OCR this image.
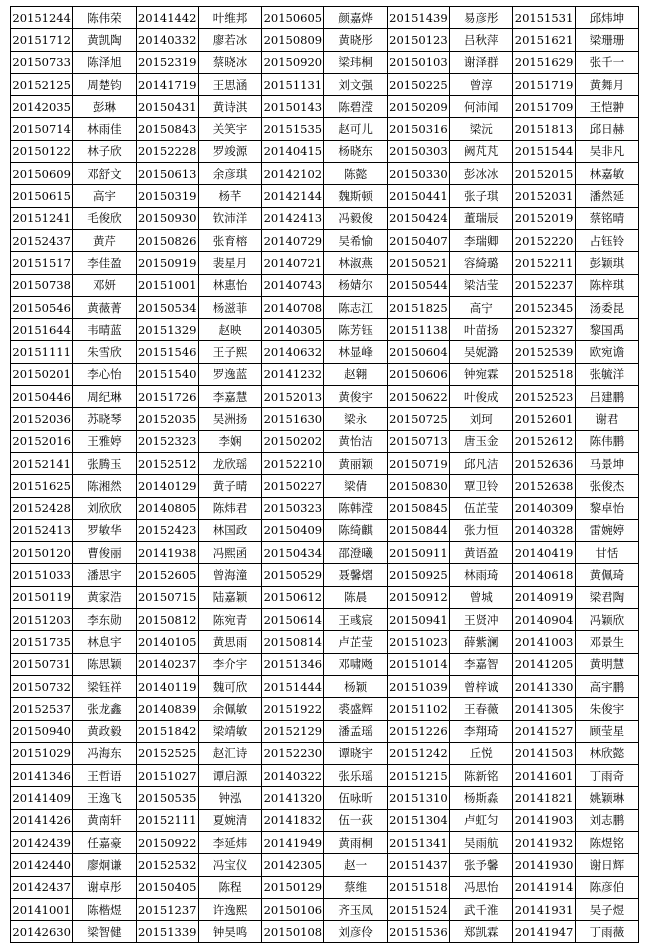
20151244	陈伟荣	20141442	叶维邦	20150605	颜嘉烨	20151439	易彦彤	20151531	邱炜坤
20151712	黄凯陶	20140332	廖若冰	20150809	黄晓彤	20150123	吕秋萍	20151621	梁珊珊
20150733	陈泽旭	20152319	蔡晓冰	20150920	梁玮桐	20150103	谢泽群	20151629	张千一
20152125	周楚钧	20141719	王思涵	20151131	刘文强	20150225	曾淳	20151719	黄舞月
20142035	彭琳	20150431	黄诗淇	20150143	陈碧滢	20150209	何沛闻	20151709	王恺翀
20150714	林雨佳	20150843	关笑宇	20151535	赵可儿	20150316	梁沅	20151813	邱日赫
20150122	林子欣	20152228	罗竣源	20140415	杨晓东	20150303	阙芃芃	20151544	吴非凡
20150609	邓舒文	20150613	余彦琪	20142102	陈懿	20150330	彭冰冰	20152015	林嘉敏
20150615	高宇	20150319	杨芊	20142144	魏斯顿	20150441	张子琪	20152031	潘然延
20151241	毛俊欣	20150930	钦沛洋	20142413	冯毅俊	20150424	董瑞辰	20152019	蔡铭晴
20152437	黄芹	20150826	张育榕	20140729	吴希愉	20150407	李瑞卿	20152220	占钰铃
20151517	李佳盈	20150919	裴星月	20140721	林淑燕	20150521	容綺璐	20152211	彭颖琪
20150738	邓妍	20151001	林惠怡	20140743	杨婧尔	20150544	梁洁莹	20152237	陈梓琪
20150546	黄薇菁	20150534	杨滋菲	20140708	陈志江	20151825	高宁	20152345	汤委昆
20151644	韦晴蓝	20151329	赵映	20140305	陈芳钰	20151138	叶苗扬	20152327	黎国禹
20151111	朱雪欣	20151546	王子熙	20140632	林显峰	20150604	吴妮潞	20152539	欧宛谵
20150201	李心怡	20151540	罗逸蓝	20141232	赵翱	20150606	钟宛霖	20152518	张毓洋
20150446	周纪琳	20151726	李嘉慧	20152013	黄俊宇	20150622	叶俊成	20152523	吕建鹏
20152036	苏晓琴	20152035	吴洲扬	20151630	梁永	20150725	刘珂	20152601	谢君
20152016	王雅婷	20152323	李娴	20150202	黄怡洁	20150713	唐玉金	20152612	陈伟鹏
20152141	张腾玉	20152512	龙欣瑶	20152210	黄丽颖	20150719	邱凡洁	20152636	马景坤
20151625	陈湘然	20140129	黄子晴	20150227	梁倩	20150830	覃卫铃	20152638	张俊杰
20152428	刘欣欣	20140805	陈炜君	20150323	陈韩滢	20150845	伍芷莹	20140309	黎卓怡
20152413	罗敏华	20152423	林国政	20150409	陈绮麒	20150844	张力恒	20140328	雷婉婷
20150120	曹俊丽	20141938	冯熙函	20150434	邵澄曦	20150911	黄语盈	20140419	甘恬
20151033	潘思宇	20152605	曾海潼	20150529	聂馨熠	20150925	林雨琦	20140618	黄佩琦
20150119	黄家浩	20150715	陆嘉颖	20150612	陈晨	20150912	曾城	20140919	梁君陶
20151203	李东勋	20150812	陈宛青	20150614	王彧宸	20150941	王贤冲	20140904	冯颖欣
20151735	林息宇	20140105	黄思雨	20150814	卢芷莹	20151023	薛紫澜	20141003	邓景生
20150731	陈思颖	20140237	李介宇	20151346	邓啸飏	20151014	李嘉智	20141205	黄明慧
20150732	梁钰祥	20140119	魏可欣	20151444	杨颖	20151039	曾梓诚	20141330	高宇鹏
20152537	张龙鑫	20140839	余佩敏	20151922	裘盛辉	20151102	王春薇	20141305	朱俊宇
20150940	黄政毅	20151842	梁靖敏	20152129	潘孟瑶	20151226	李翔琦	20141527	顾莹星
20151029	冯海东	20152525	赵汇诗	20152230	谭晓宇	20151242	丘悦	20141503	林欣懿
20141346	王哲语	20151027	谭启源	20140322	张乐瑶	20151215	陈新铭	20141601	丁雨奇
20141409	王逸飞	20150535	钟泓	20141320	伍咏昕	20151310	杨斯淼	20141821	姚颖琳
20141426	黄南轩	20152111	夏婉清	20141832	伍一荻	20151304	卢虹匀	20141903	刘志鹏
20142439	任嘉豪	20150922	李延炜	20141949	黄雨桐	20151341	吴雨航	20141932	陈煜铭
20142440	廖炯谦	20152532	冯宝仪	20142305	赵一	20151437	张予馨	20141930	谢日辉
20142437	谢卓彤	20150405	陈程	20150129	蔡维	20151518	冯思怡	20141914	陈彦伯
20141001	陈楷煜	20151237	许逸熙	20150106	齐玉凤	20151524	武千淮	20141931	吴子煜
20142630	梁智健	20151339	钟昊鸣	20150108	刘彦伶	20151536	郑凯霖	20141947	丁雨薇
